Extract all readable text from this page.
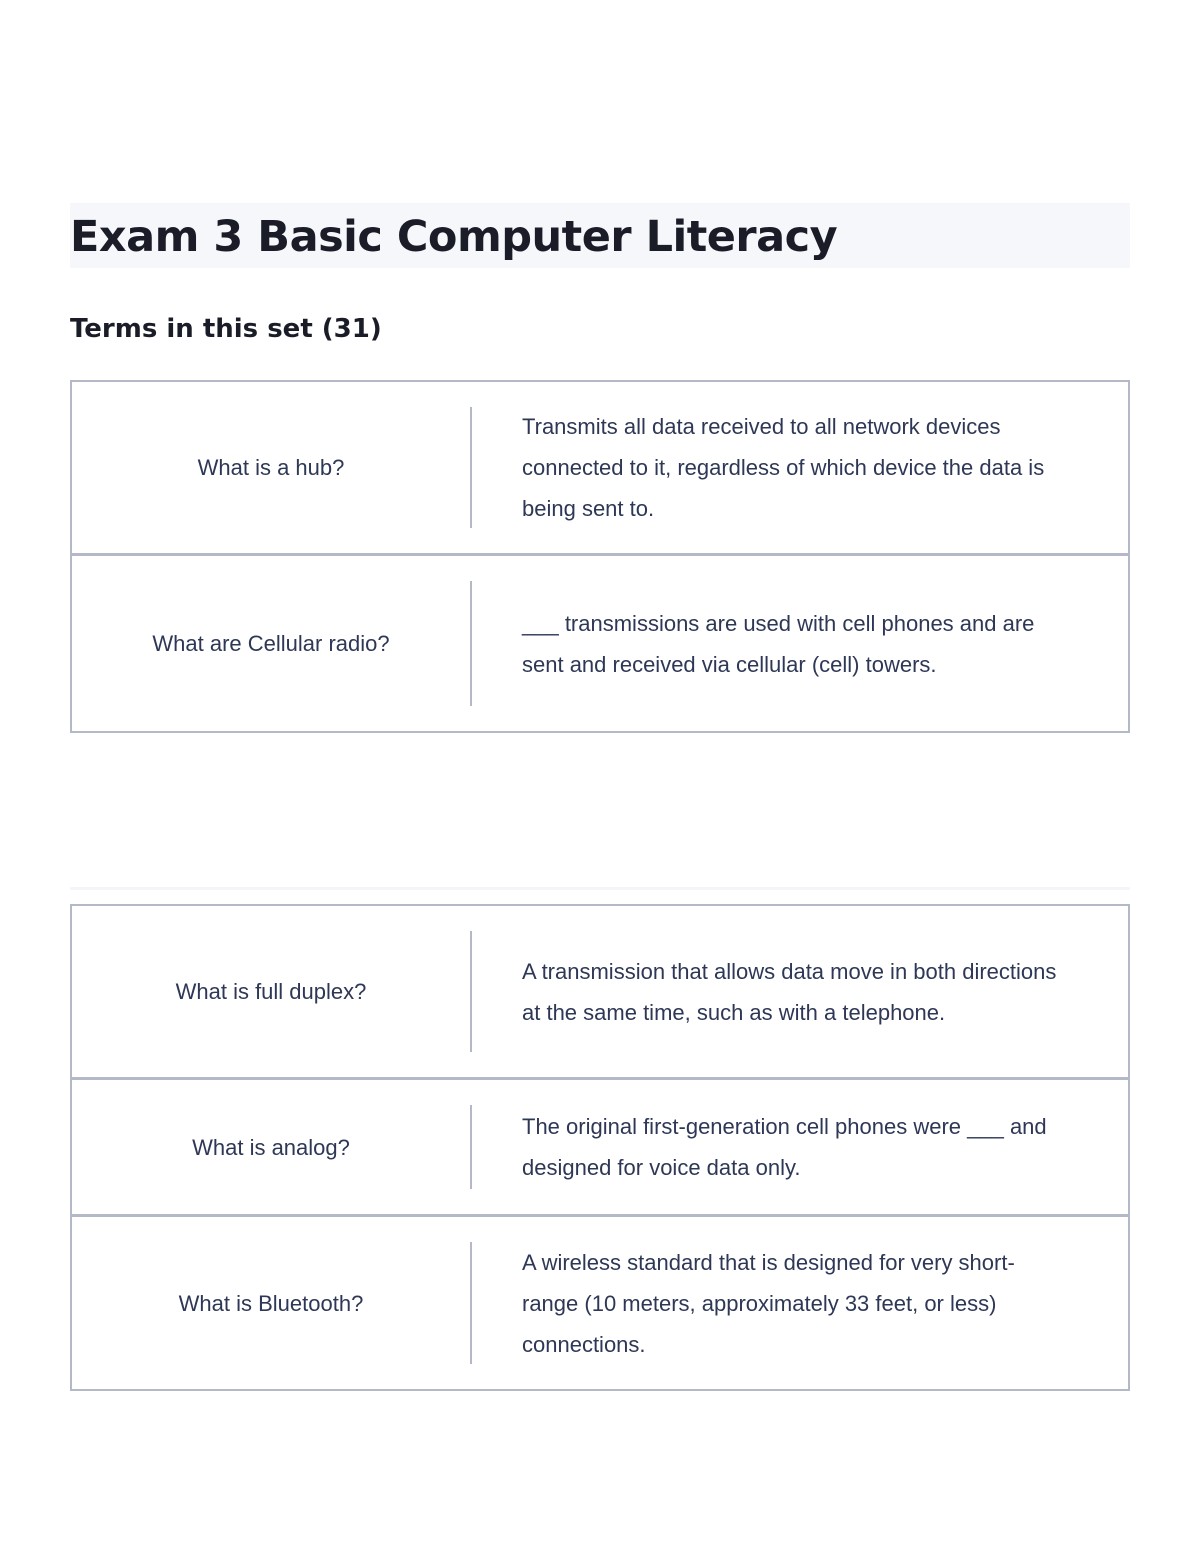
Exam 3 Basic Computer Literacy
Terms in this set (31)
What is a hub?
Transmits all data received to all network devices connected to it, regardless of which device the data is being sent to.
What are Cellular radio?
___ transmissions are used with cell phones and are sent and received via cellular (cell) towers.
What is full duplex?
A transmission that allows data move in both directions at the same time, such as with a telephone.
What is analog?
The original first-generation cell phones were ___ and designed for voice data only.
What is Bluetooth?
A wireless standard that is designed for very short- range (10 meters, approximately 33 feet, or less) connections.
